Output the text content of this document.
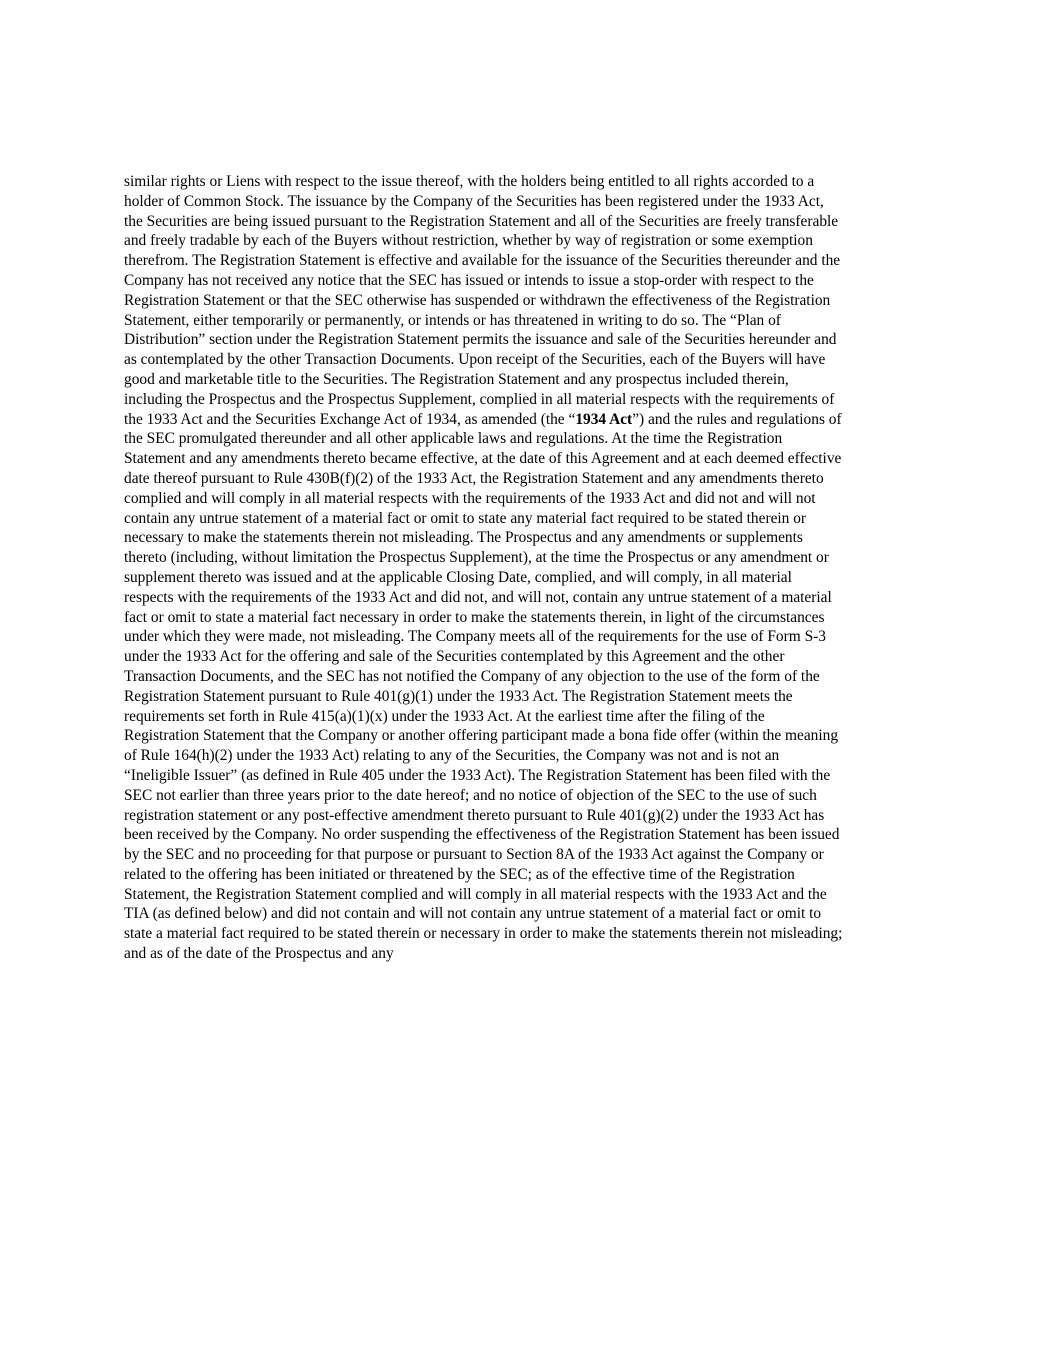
similar rights or Liens with respect to the issue thereof, with the holders being entitled to all rights accorded to a
holder of Common Stock. The issuance by the Company of the Securities has been registered under the 1933 Act,
the Securities are being issued pursuant to the Registration Statement and all of the Securities are freely transferable
and freely tradable by each of the Buyers without restriction, whether by way of registration or some exemption
therefrom. The Registration Statement is effective and available for the issuance of the Securities thereunder and the
Company has not received any notice that the SEC has issued or intends to issue a stop-order with respect to the
Registration Statement or that the SEC otherwise has suspended or withdrawn the effectiveness of the Registration
Statement, either temporarily or permanently, or intends or has threatened in writing to do so. The “Plan of
Distribution” section under the Registration Statement permits the issuance and sale of the Securities hereunder and
as contemplated by the other Transaction Documents. Upon receipt of the Securities, each of the Buyers will have
good and marketable title to the Securities. The Registration Statement and any prospectus included therein,
including the Prospectus and the Prospectus Supplement, complied in all material respects with the requirements of
the 1933 Act and the Securities Exchange Act of 1934, as amended (the “1934 Act”) and the rules and regulations of
the SEC promulgated thereunder and all other applicable laws and regulations. At the time the Registration
Statement and any amendments thereto became effective, at the date of this Agreement and at each deemed effective
date thereof pursuant to Rule 430B(f)(2) of the 1933 Act, the Registration Statement and any amendments thereto
complied and will comply in all material respects with the requirements of the 1933 Act and did not and will not
contain any untrue statement of a material fact or omit to state any material fact required to be stated therein or
necessary to make the statements therein not misleading. The Prospectus and any amendments or supplements
thereto (including, without limitation the Prospectus Supplement), at the time the Prospectus or any amendment or
supplement thereto was issued and at the applicable Closing Date, complied, and will comply, in all material
respects with the requirements of the 1933 Act and did not, and will not, contain any untrue statement of a material
fact or omit to state a material fact necessary in order to make the statements therein, in light of the circumstances
under which they were made, not misleading. The Company meets all of the requirements for the use of Form S-3
under the 1933 Act for the offering and sale of the Securities contemplated by this Agreement and the other
Transaction Documents, and the SEC has not notified the Company of any objection to the use of the form of the
Registration Statement pursuant to Rule 401(g)(1) under the 1933 Act. The Registration Statement meets the
requirements set forth in Rule 415(a)(1)(x) under the 1933 Act. At the earliest time after the filing of the
Registration Statement that the Company or another offering participant made a bona fide offer (within the meaning
of Rule 164(h)(2) under the 1933 Act) relating to any of the Securities, the Company was not and is not an
“Ineligible Issuer” (as defined in Rule 405 under the 1933 Act). The Registration Statement has been filed with the
SEC not earlier than three years prior to the date hereof; and no notice of objection of the SEC to the use of such
registration statement or any post-effective amendment thereto pursuant to Rule 401(g)(2) under the 1933 Act has
been received by the Company. No order suspending the effectiveness of the Registration Statement has been issued
by the SEC and no proceeding for that purpose or pursuant to Section 8A of the 1933 Act against the Company or
related to the offering has been initiated or threatened by the SEC; as of the effective time of the Registration
Statement, the Registration Statement complied and will comply in all material respects with the 1933 Act and the
TIA (as defined below) and did not contain and will not contain any untrue statement of a material fact or omit to
state a material fact required to be stated therein or necessary in order to make the statements therein not misleading;
and as of the date of the Prospectus and any
